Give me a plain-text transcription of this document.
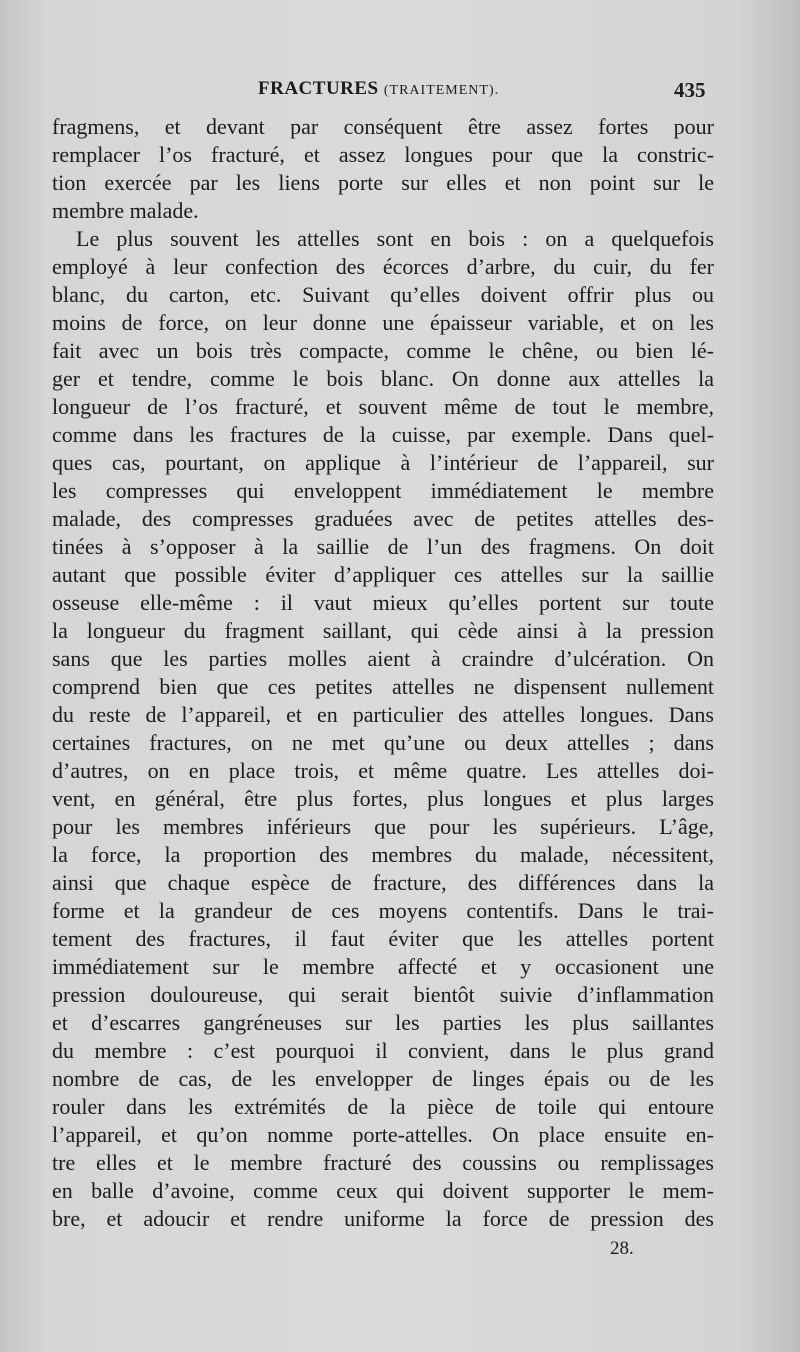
FRACTURES (TRAITEMENT).	435
fragmens, et devant par conséquent être assez fortes pour
remplacer l’os fracturé, et assez longues pour que la constric-
tion exercée par les liens porte sur elles et non point sur le
membre malade.
Le plus souvent les attelles sont en bois : on a quelquefois
employé à leur confection des écorces d’arbre, du cuir, du fer
blanc, du carton, etc. Suivant qu’elles doivent offrir plus ou
moins de force, on leur donne une épaisseur variable, et on les
fait avec un bois très compacte, comme le chêne, ou bien lé-
ger et tendre, comme le bois blanc. On donne aux attelles la
longueur de l’os fracturé, et souvent même de tout le membre,
comme dans les fractures de la cuisse, par exemple. Dans quel-
ques cas, pourtant, on applique à l’intérieur de l’appareil, sur
les compresses qui enveloppent immédiatement le membre
malade, des compresses graduées avec de petites attelles des-
tinées à s’opposer à la saillie de l’un des fragmens. On doit
autant que possible éviter d’appliquer ces attelles sur la saillie
osseuse elle-même : il vaut mieux qu’elles portent sur toute
la longueur du fragment saillant, qui cède ainsi à la pression
sans que les parties molles aient à craindre d’ulcération. On
comprend bien que ces petites attelles ne dispensent nullement
du reste de l’appareil, et en particulier des attelles longues. Dans
certaines fractures, on ne met qu’une ou deux attelles ; dans
d’autres, on en place trois, et même quatre. Les attelles doi-
vent, en général, être plus fortes, plus longues et plus larges
pour les membres inférieurs que pour les supérieurs. L’âge,
la force, la proportion des membres du malade, nécessitent,
ainsi que chaque espèce de fracture, des différences dans la
forme et la grandeur de ces moyens contentifs. Dans le trai-
tement des fractures, il faut éviter que les attelles portent
immédiatement sur le membre affecté et y occasionent une
pression douloureuse, qui serait bientôt suivie d’inflammation
et d’escarres gangréneuses sur les parties les plus saillantes
du membre : c’est pourquoi il convient, dans le plus grand
nombre de cas, de les envelopper de linges épais ou de les
rouler dans les extrémités de la pièce de toile qui entoure
l’appareil, et qu’on nomme porte-attelles. On place ensuite en-
tre elles et le membre fracturé des coussins ou remplissages
en balle d’avoine, comme ceux qui doivent supporter le mem-
bre, et adoucir et rendre uniforme la force de pression des
28.
